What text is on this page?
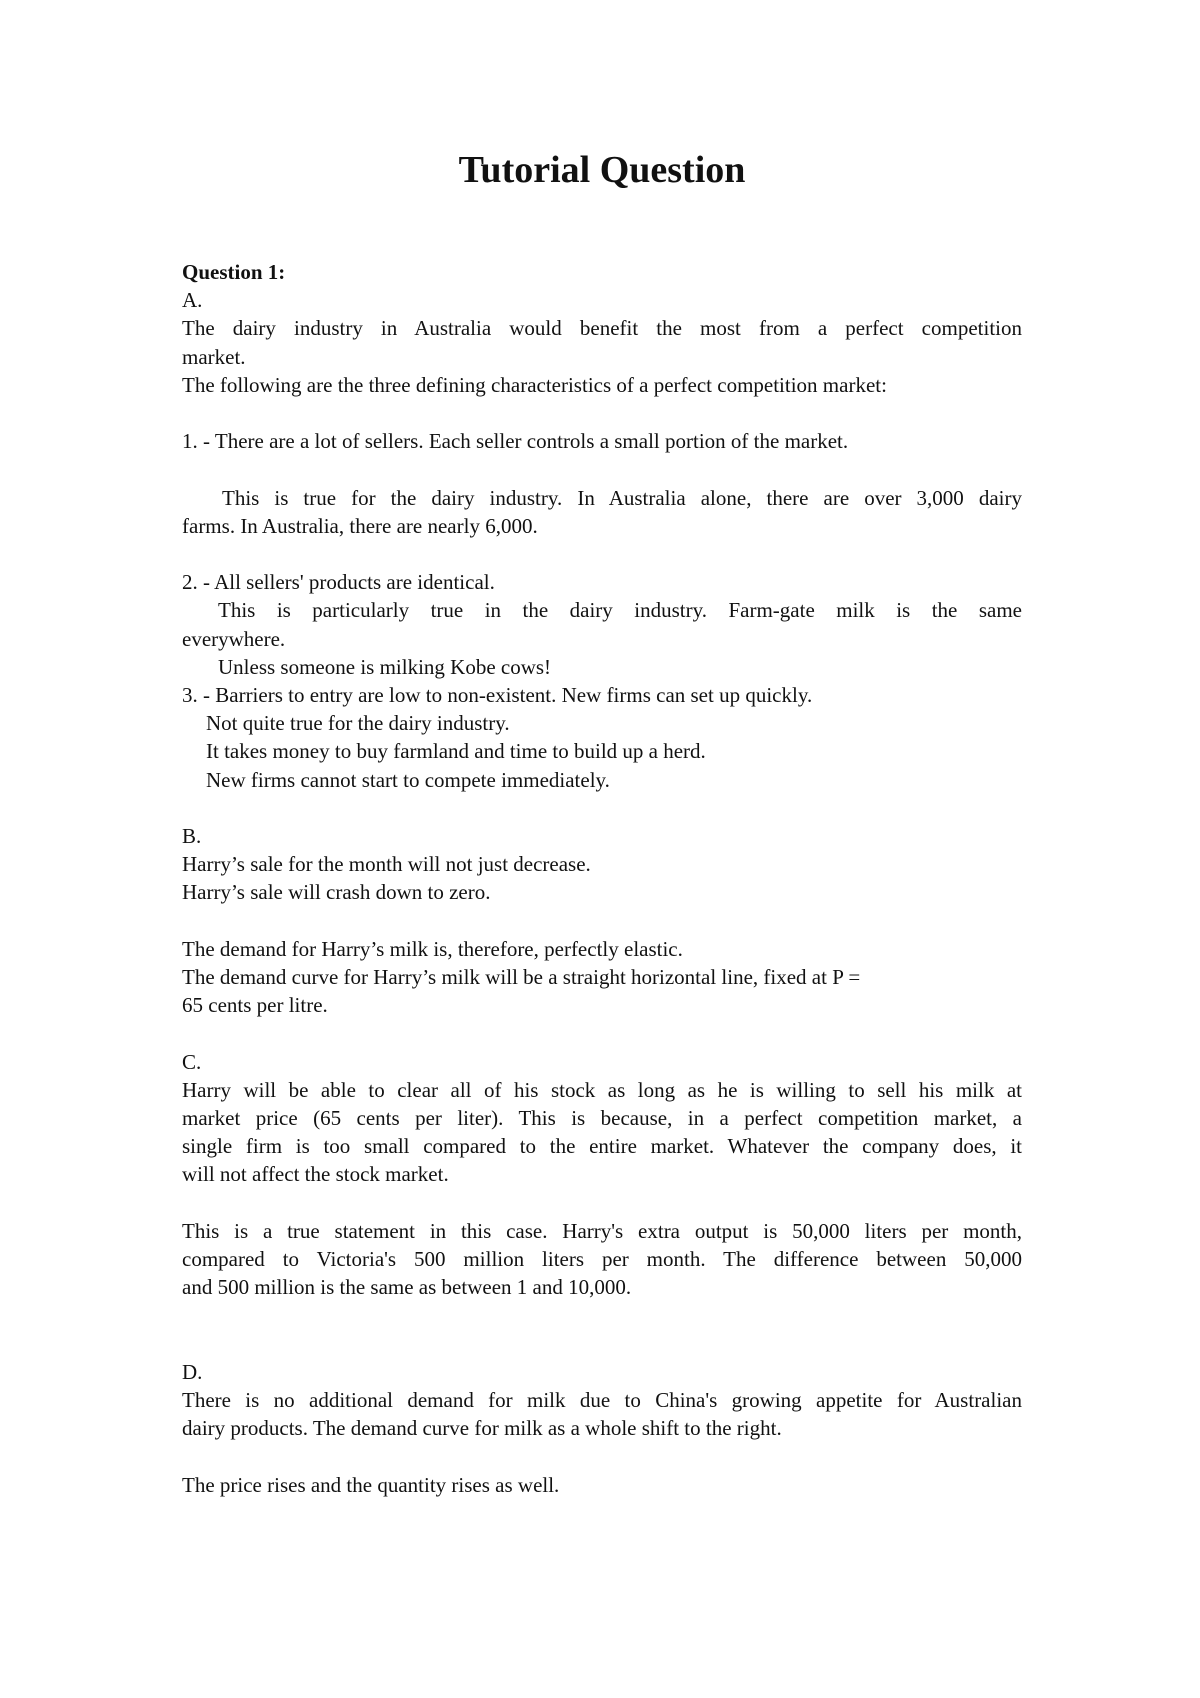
Tutorial Question
Question 1:
A.
The dairy industry in Australia would benefit the most from a perfect competition
market.
The following are the three defining characteristics of a perfect competition market:
1. - There are a lot of sellers. Each seller controls a small portion of the market.
This is true for the dairy industry. In Australia alone, there are over 3,000 dairy
farms. In Australia, there are nearly 6,000.
2. - All sellers' products are identical.
This is particularly true in the dairy industry. Farm-gate milk is the same
everywhere.
Unless someone is milking Kobe cows!
3. - Barriers to entry are low to non-existent. New firms can set up quickly.
Not quite true for the dairy industry.
It takes money to buy farmland and time to build up a herd.
New firms cannot start to compete immediately.
B.
Harry’s sale for the month will not just decrease.
Harry’s sale will crash down to zero.
The demand for Harry’s milk is, therefore, perfectly elastic.
The demand curve for Harry’s milk will be a straight horizontal line, fixed at P =
65 cents per litre.
C.
Harry will be able to clear all of his stock as long as he is willing to sell his milk at
market price (65 cents per liter). This is because, in a perfect competition market, a
single firm is too small compared to the entire market. Whatever the company does, it
will not affect the stock market.
This is a true statement in this case. Harry's extra output is 50,000 liters per month,
compared to Victoria's 500 million liters per month. The difference between 50,000
and 500 million is the same as between 1 and 10,000.
D.
There is no additional demand for milk due to China's growing appetite for Australian
dairy products. The demand curve for milk as a whole shift to the right.
The price rises and the quantity rises as well.
